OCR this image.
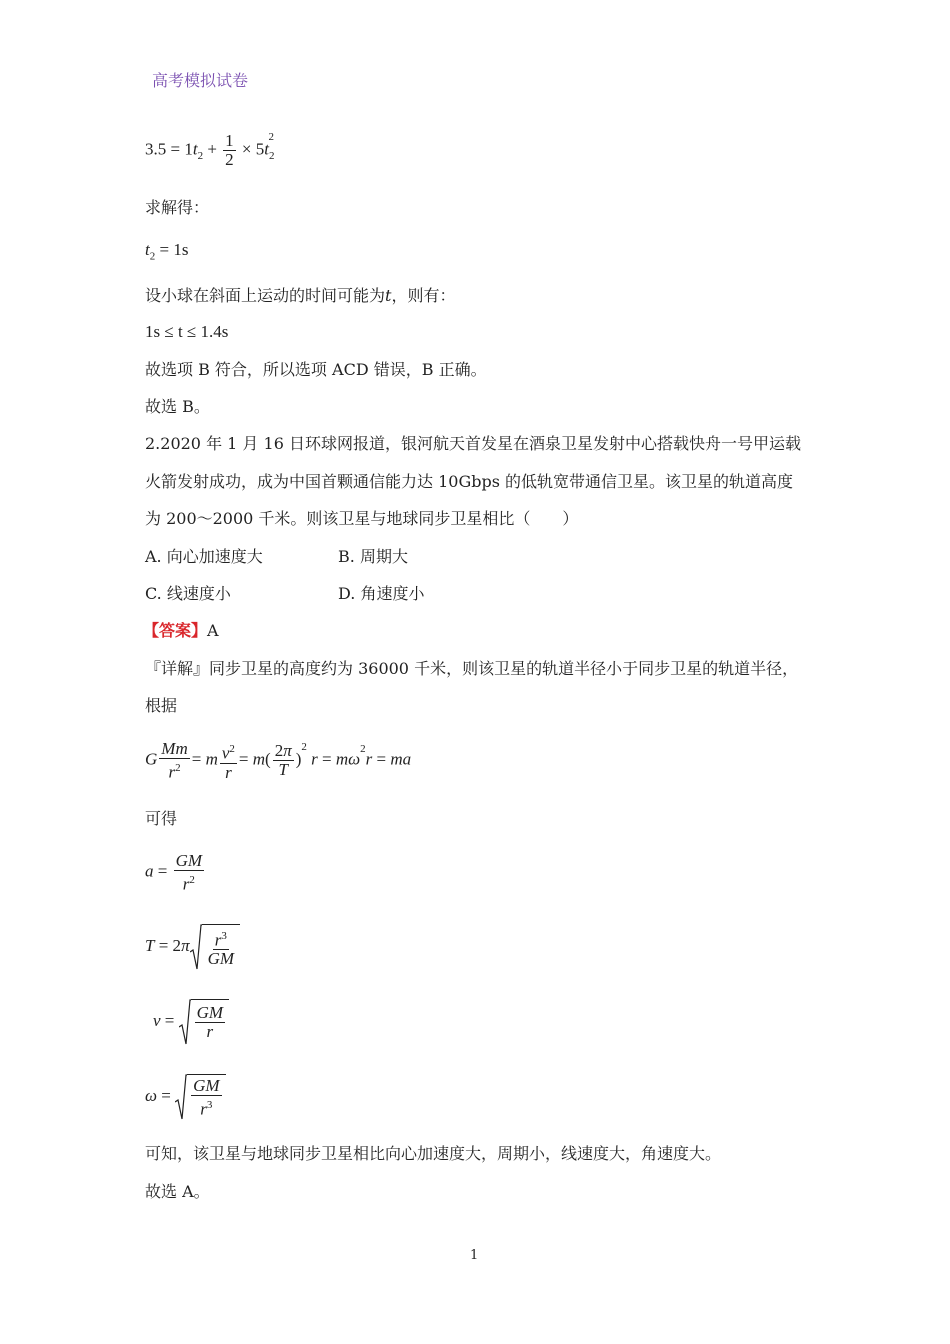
高考模拟试卷
$3.5 = 1t_2 + \frac{1}{2} \times 5t_2^2$
求解得：
$t_2 = 1s$
设小球在斜面上运动的时间可能为t，则有：
1s ≤ t ≤ 1.4s
故选项 B 符合，所以选项 ACD 错误，B 正确。
故选 B。
2.2020 年 1 月 16 日环球网报道，银河航天首发星在酒泉卫星发射中心搭载快舟一号甲运载
火箭发射成功，成为中国首颗通信能力达 10Gbps 的低轨宽带通信卫星。该卫星的轨道高度
为 200～2000 千米。则该卫星与地球同步卫星相比（　　）
A. 向心加速度大	B. 周期大
C. 线速度小	D. 角速度小
【答案】A
『详解』同步卫星的高度约为 36000 千米，则该卫星的轨道半径小于同步卫星的轨道半径，
根据
G $\frac{Mm}{r^2} = m \frac{v^2}{r} = m( \frac{2\pi}{T} )^2$ $r = m\omega^2r$ = ma
可得
$a = \frac{GM}{r^2}$
$T = 2\pi \frac{r^3}{GM}$
$v = \frac{GM}{r}$
$\omega = \frac{GM}{r^3}$
可知，该卫星与地球同步卫星相比向心加速度大，周期小，线速度大，角速度大。
故选 A。
1
